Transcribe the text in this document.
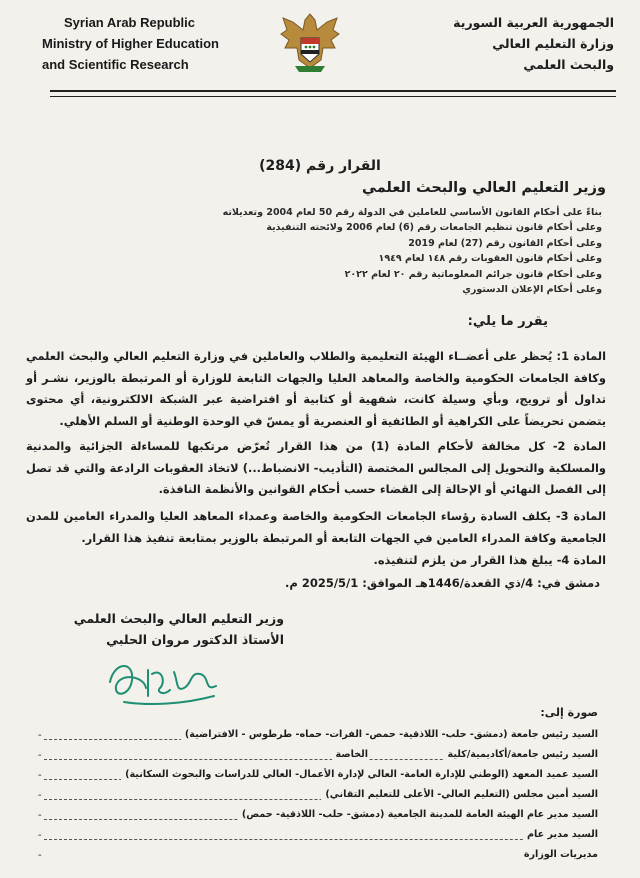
Syrian Arab Republic
Ministry of Higher Education
and Scientific Research
الجمهورية العربية السورية
وزارة التعليم العالي
والبحث العلمي
القرار رقم (284)
وزير التعليم العالي والبحث العلمي
بناءً على أحكام القانون الأساسي للعاملين في الدولة رقم 50 لعام 2004 وتعديلاته
وعلى أحكام قانون تنظيم الجامعات رقم (6) لعام 2006 ولائحته التنفيذية
وعلى أحكام القانون رقم (27) لعام 2019
وعلى أحكام قانون العقوبات رقم ١٤٨ لعام ١٩٤٩
وعلى أحكام قانون جرائم المعلوماتية رقم ٢٠ لعام ٢٠٢٢
وعلى أحكام الإعلان الدستوري
يقرر ما يلي:
المادة 1: يُحظر على أعضــاء الهيئة التعليمية والطلاب والعاملين في وزارة التعليم العالي والبحث العلمي وكافة الجامعات الحكومية والخاصة والمعاهد العليا والجهات التابعة للوزارة أو المرتبطة بالوزير، نشـر أو تداول أو ترويج، وبأي وسيلة كانت، شفهية أو كتابية أو افتراضية عبر الشبكة الالكترونية، أي محتوى يتضمن تحريضاً على الكراهية أو الطائفية أو العنصرية أو يمسّ في الوحدة الوطنية أو السلم الأهلي.
المادة 2- كل مخالفة لأحكام المادة (1) من هذا القرار تُعرّض مرتكبها للمساءلة الجزائية والمدنية والمسلكية والتحويل إلى المجالس المختصة (التأديب- الانضباط...) لاتخاذ العقوبات الرادعة والتي قد تصل إلى الفصل النهائي أو الإحالة إلى القضاء حسب أحكام القوانين والأنظمة النافذة.
المادة 3- يكلف السادة رؤساء الجامعات الحكومية والخاصة وعمداء المعاهد العليا والمدراء العامين للمدن الجامعية وكافة المدراء العامين في الجهات التابعة أو المرتبطة بالوزير بمتابعة تنفيذ هذا القرار.
المادة 4- يبلغ هذا القرار من يلزم لتنفيذه.
دمشق في: 4/ذي القعدة/1446هـ الموافق: 2025/5/1 م.
وزير التعليم العالي والبحث العلمي
الأستاذ الدكتور مروان الحلبي
صورة إلى:
-	السيد رئيس جامعة (دمشق- حلب- اللاذقية- حمص- الفرات- حماه- طرطوس - الافتراضية)
-	السيد رئيس جامعة/أكاديمية/كلية
الخاصة
-	السيد عميد المعهد (الوطني للإدارة العامة- العالي لإدارة الأعمال- العالي للدراسات والبحوث السكانية)
-	السيد أمين مجلس (التعليم العالي- الأعلى للتعليم التقاني)
-	السيد مدير عام الهيئة العامة للمدينة الجامعية (دمشق- حلب- اللاذقية- حمص)
-	السيد مدير عام
-	مديريات الوزارة
